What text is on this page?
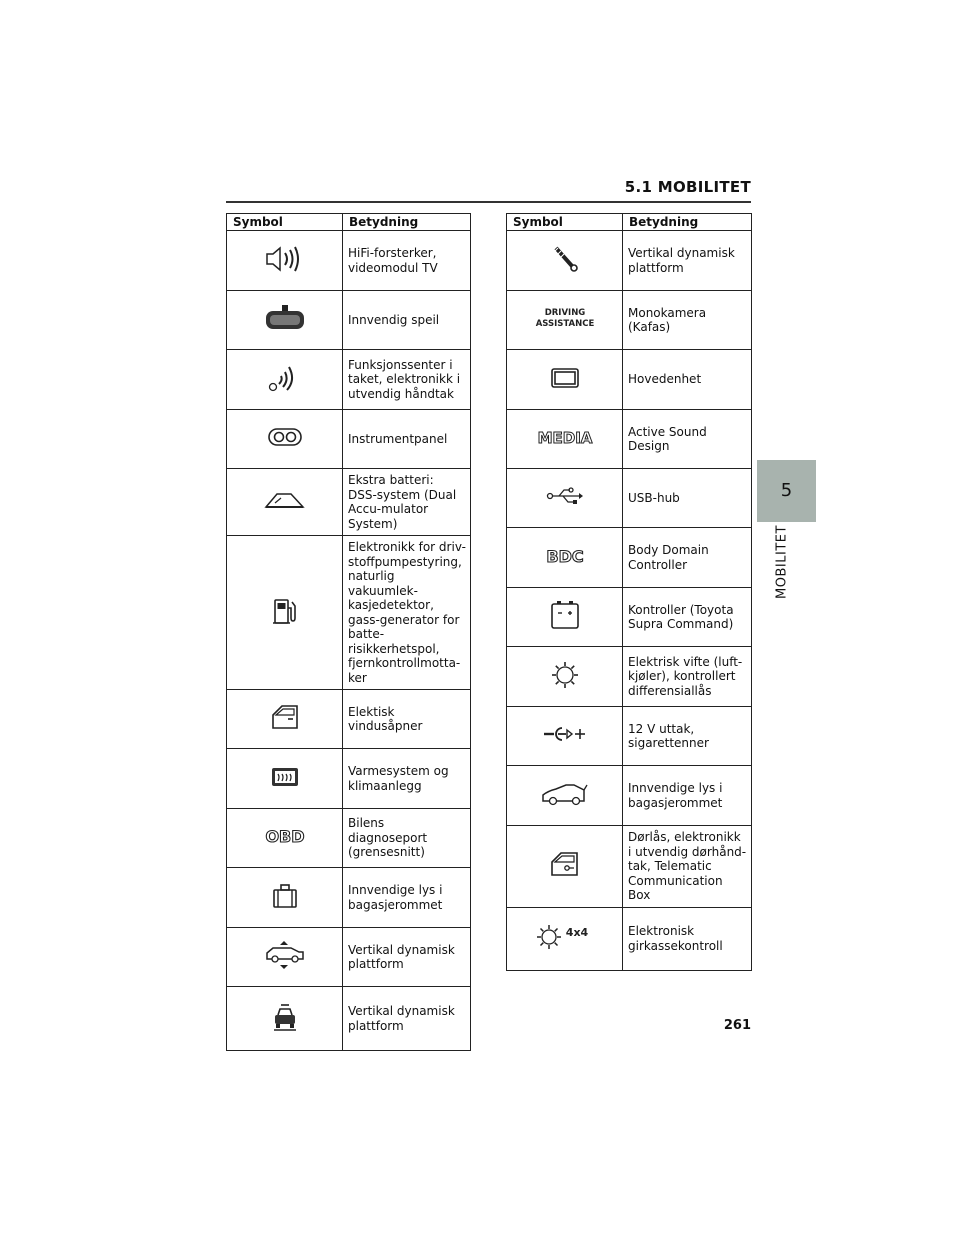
5.1 MOBILITET
5
MOBILITET
Symbol	Betydning
	HiFi-forsterker, videomodul TV
	Innvendig speil
	Funksjonssenter i taket, elektronikk i utvendig håndtak
	Instrumentpanel
	Ekstra batteri: DSS-system (Dual Accu-mulator System)
	Elektronikk for driv-stoffpumpestyring, naturlig vakuumlek-kasjedetektor, gass-generator for batte-risikkerhetspol, fjernkontrollmotta-ker
	Elektisk vindusåpner
	Varmesystem og klimaanlegg

OBD	Bilens diagnoseport (grensesnitt)
	Innvendige lys i bagasjerommet
	Vertikal dynamisk plattform
	Vertikal dynamisk plattform
Symbol	Betydning
	Vertikal dynamisk plattform

DRIVING
ASSISTANCE	Monokamera (Kafas)
	Hovedenhet

MEDIA	Active Sound Design
	USB-hub

BDC	Body Domain Controller
	Kontroller (Toyota Supra Command)
	Elektrisk vifte (luft-kjøler), kontrollert differensiallås
	12 V uttak, sigarettenner
	Innvendige lys i bagasjerommet
	Dørlås, elektronikk i utvendig dørhånd-tak, Telematic Communication Box

4x4	Elektronisk girkassekontroll
261
